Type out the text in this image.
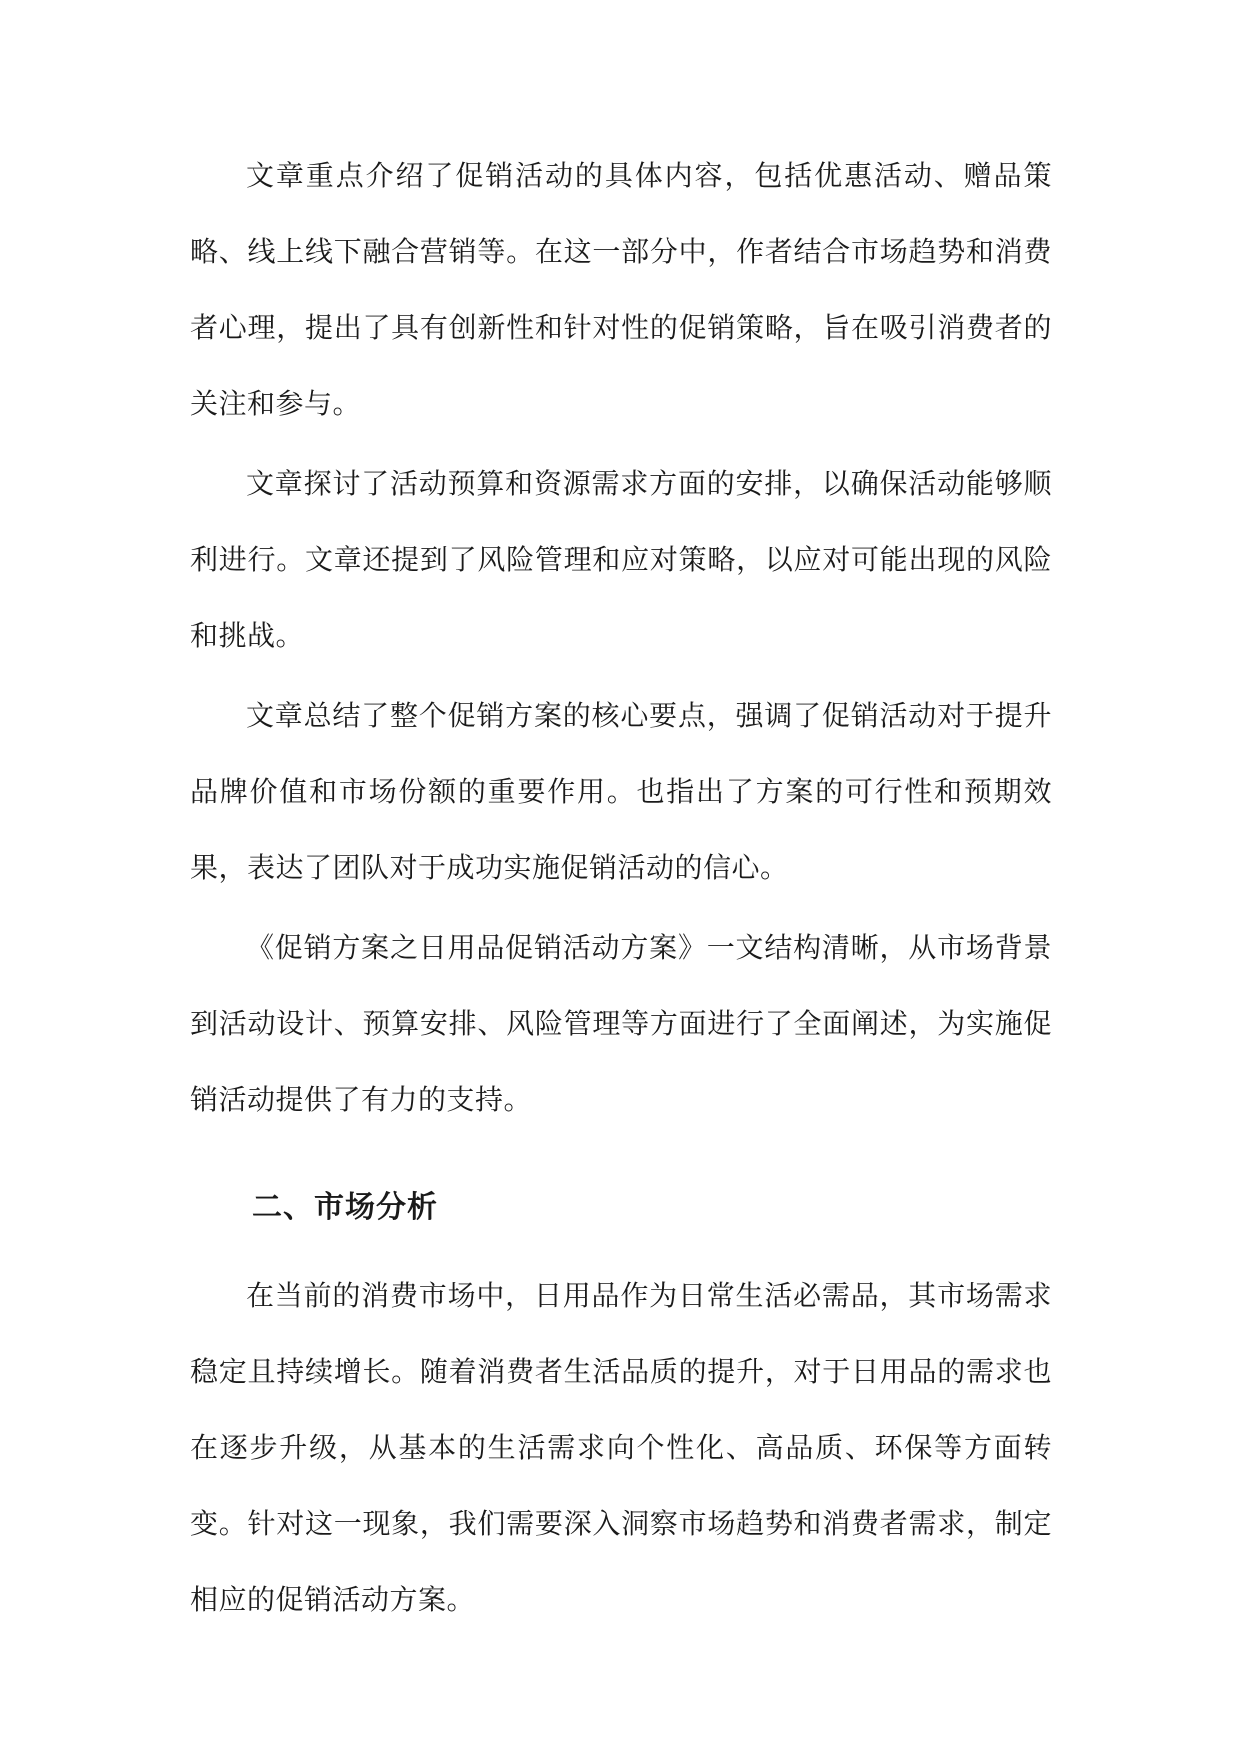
文章重点介绍了促销活动的具体内容，包括优惠活动、赠品策略、线上线下融合营销等。在这一部分中，作者结合市场趋势和消费者心理，提出了具有创新性和针对性的促销策略，旨在吸引消费者的关注和参与。

文章探讨了活动预算和资源需求方面的安排，以确保活动能够顺利进行。文章还提到了风险管理和应对策略，以应对可能出现的风险和挑战。

文章总结了整个促销方案的核心要点，强调了促销活动对于提升品牌价值和市场份额的重要作用。也指出了方案的可行性和预期效果，表达了团队对于成功实施促销活动的信心。

《促销方案之日用品促销活动方案》一文结构清晰，从市场背景到活动设计、预算安排、风险管理等方面进行了全面阐述，为实施促销活动提供了有力的支持。

二、市场分析

在当前的消费市场中，日用品作为日常生活必需品，其市场需求稳定且持续增长。随着消费者生活品质的提升，对于日用品的需求也在逐步升级，从基本的生活需求向个性化、高品质、环保等方面转变。针对这一现象，我们需要深入洞察市场趋势和消费者需求，制定相应的促销活动方案。
